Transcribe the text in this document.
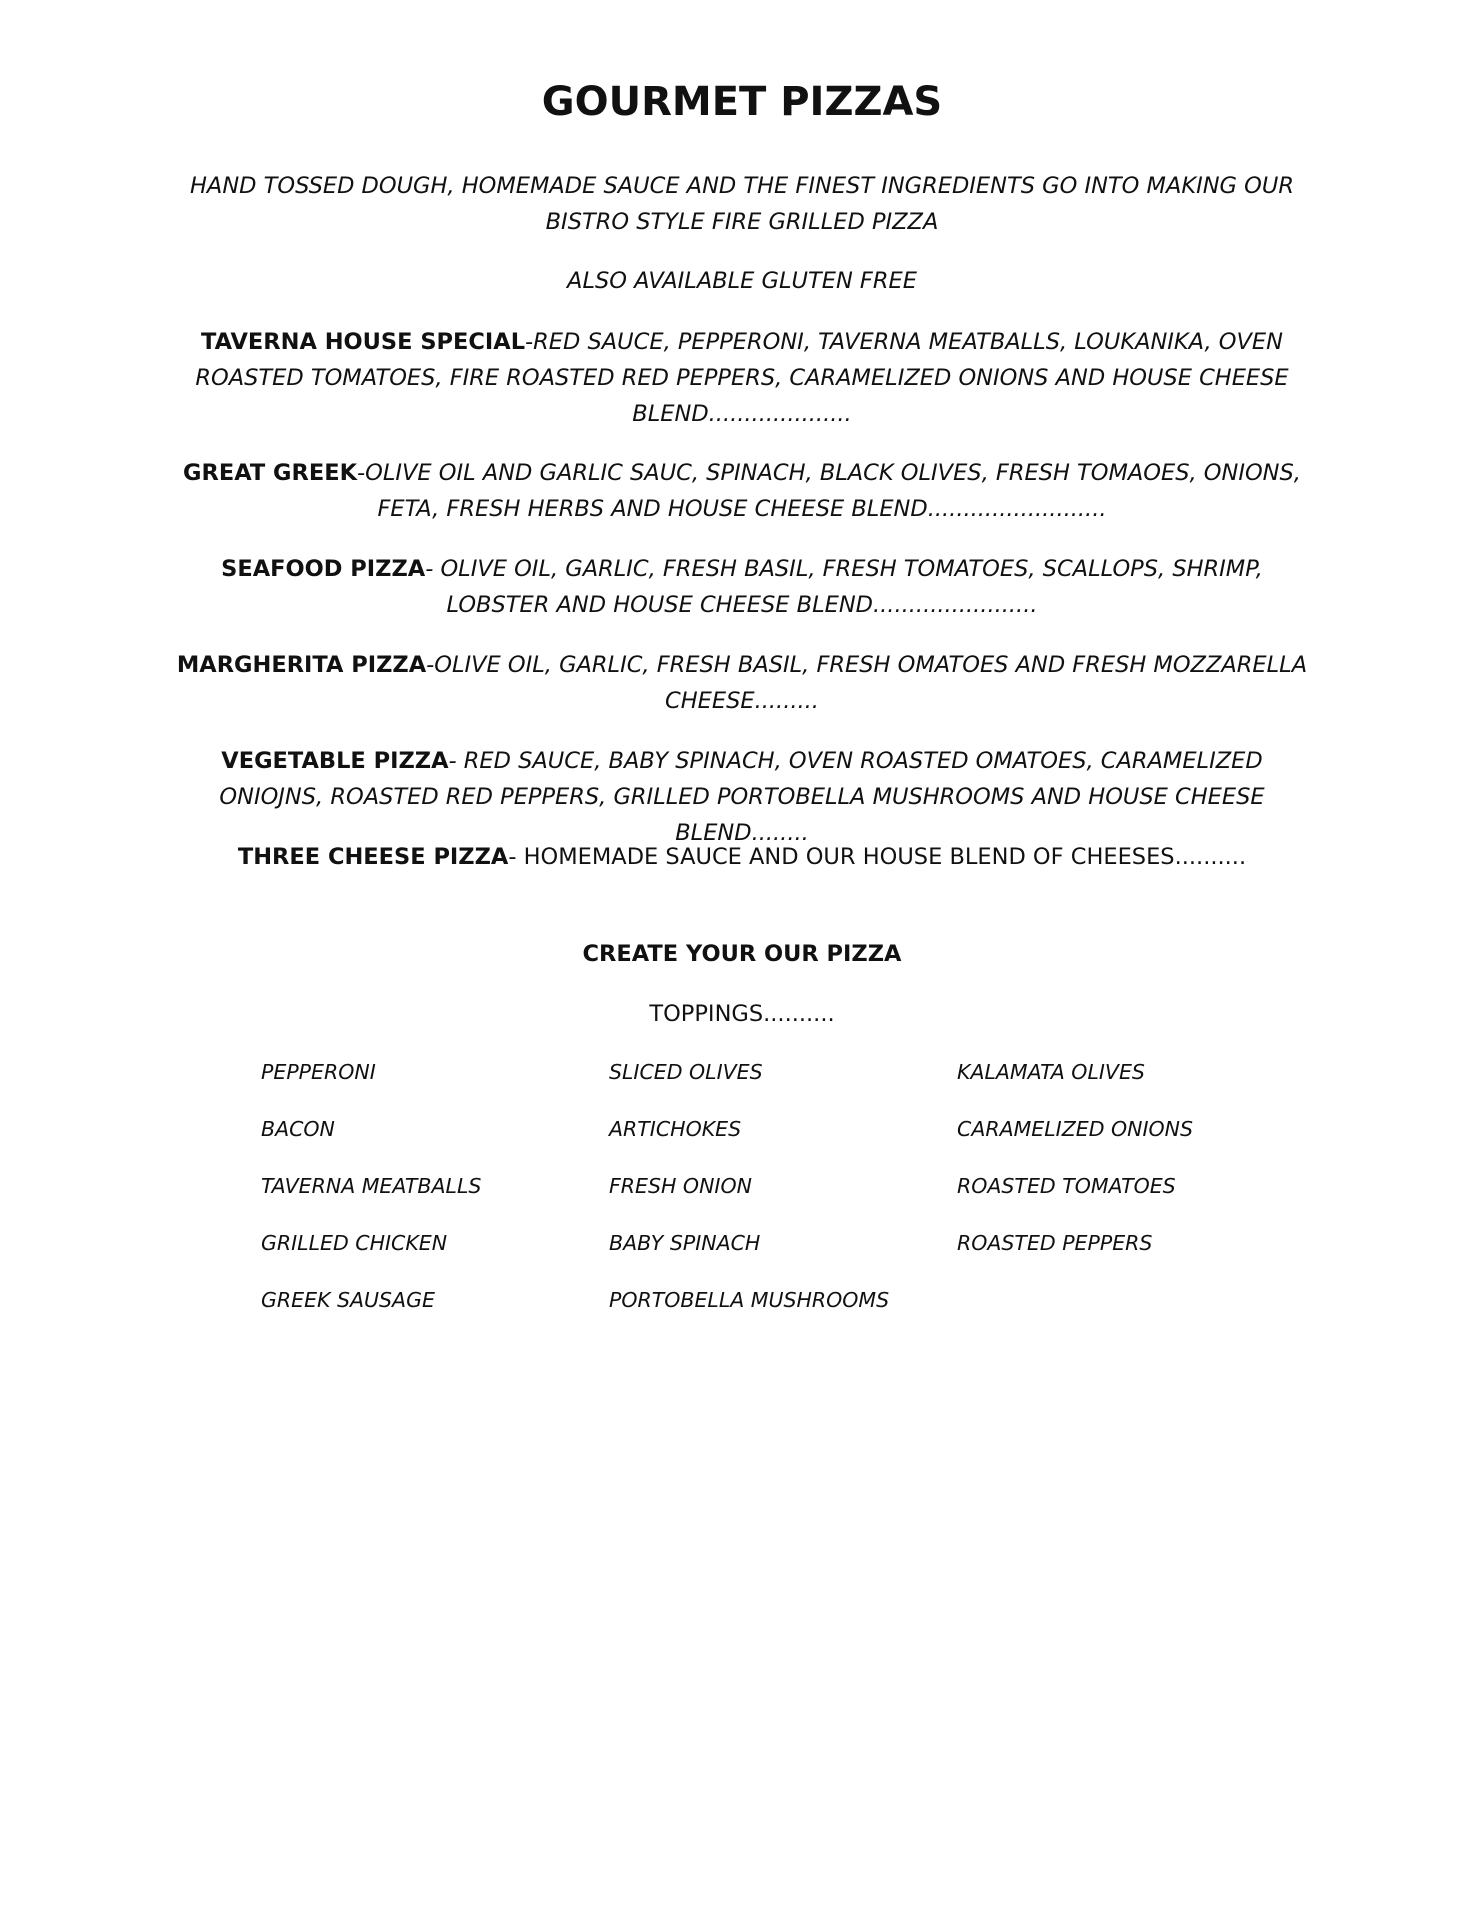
GOURMET PIZZAS
HAND TOSSED DOUGH, HOMEMADE SAUCE AND THE FINEST INGREDIENTS GO INTO MAKING OUR
BISTRO STYLE FIRE GRILLED PIZZA
ALSO AVAILABLE GLUTEN FREE
TAVERNA HOUSE SPECIAL-RED SAUCE, PEPPERONI, TAVERNA MEATBALLS, LOUKANIKA, OVEN ROASTED TOMATOES, FIRE ROASTED RED PEPPERS, CARAMELIZED ONIONS AND HOUSE CHEESE BLEND....................
GREAT GREEK-OLIVE OIL AND GARLIC SAUC, SPINACH, BLACK OLIVES, FRESH TOMAOES, ONIONS, FETA, FRESH HERBS AND HOUSE CHEESE BLEND.........................
SEAFOOD PIZZA- OLIVE OIL, GARLIC, FRESH BASIL, FRESH TOMATOES, SCALLOPS, SHRIMP, LOBSTER AND HOUSE CHEESE BLEND.......................
MARGHERITA PIZZA-OLIVE OIL, GARLIC, FRESH BASIL, FRESH OMATOES AND FRESH MOZZARELLA CHEESE.........
VEGETABLE PIZZA- RED SAUCE, BABY SPINACH, OVEN ROASTED OMATOES, CARAMELIZED ONIOJNS, ROASTED RED PEPPERS, GRILLED PORTOBELLA MUSHROOMS AND HOUSE CHEESE BLEND........
THREE CHEESE PIZZA- HOMEMADE SAUCE AND OUR HOUSE BLEND OF CHEESES..........
CREATE YOUR OUR PIZZA
TOPPINGS..........
PEPPERONI	SLICED OLIVES	KALAMATA OLIVES
BACON	ARTICHOKES	CARAMELIZED ONIONS
TAVERNA MEATBALLS	FRESH ONION	ROASTED TOMATOES
GRILLED CHICKEN	BABY SPINACH	ROASTED PEPPERS
GREEK SAUSAGE	PORTOBELLA MUSHROOMS
